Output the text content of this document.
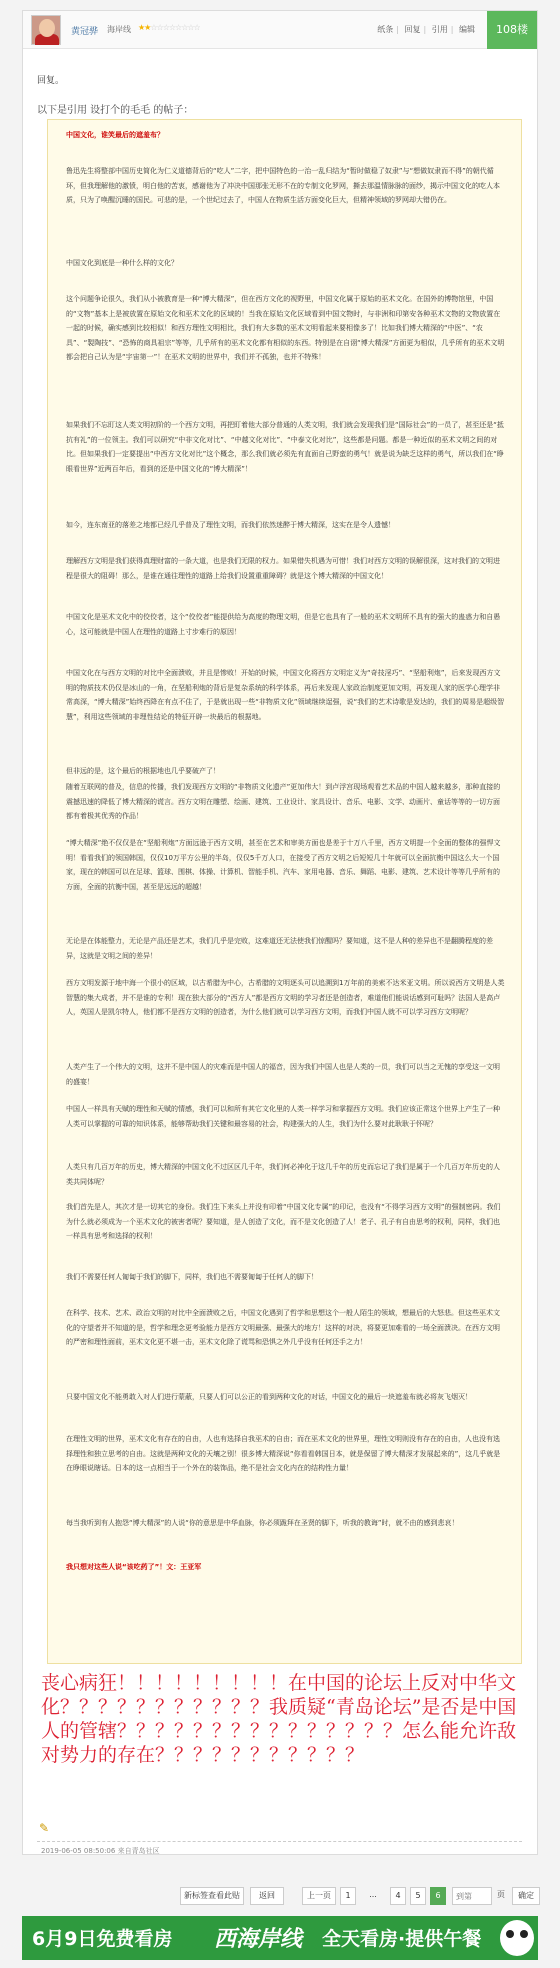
黄冠骅 海岸线 ★★☆☆☆☆☆☆☆☆	纸条 | 回复 | 引用 | 编辑	108楼
回复。
以下是引用 设打个的毛毛 的帖子：

中国文化，谁笑最后的遮羞布？

鲁迅先生将整部中国历史简化为仁义道德背后的“吃人”二字，把中国特色的一治一乱归结为“暂时做稳了奴隶”与“想做奴隶而不得”的朝代循环，但我理解他的激愤，明白他的苦衷，感谢他为了冲决中国那张无形不在的专制文化罗网，撕去那温情脉脉的面纱，揭示中国文化的吃人本质，只为了唤醒沉睡的国民。可悲的是，一个世纪过去了，中国人在物质生活方面变化巨大，但精神领域的罗网却大错仍在。

中国文化到底是一种什么样的文化？

这个问题争论很久，我们从小被教育是一种“博大精深”，但在西方文化的视野里，中国文化属于原始的巫术文化。在国外的博物馆里，中国的“文物”基本上是被放置在原始文化和巫术文化的区域的！当我在原始文化区域看到中国文物时，与非洲和印第安各种巫术文物的文物放置在一起的时候，确实感到比较相似！和西方理性文明相比，我们有大多数的巫术文明看起来要相像多了！比如我们博大精深的“中医”、“农具”、“製陶技”、“恐怖的商具祖宗”等等，几乎所有的巫术文化都有相似的东西。特别是在自诩“博大精深”方面更为相似，几乎所有的巫术文明都会把自己认为是“宇宙第一”！在巫术文明的世界中，我们并不孤独，也并不特殊！

如果我们不忘盯这人类文明初阶的一个西方文明，再把盯着他大部分普通的人类文明，我们就会发现我们是“国际社会”的一员了，甚至还是“抵抗有礼”的一位领主。我们可以研究“中非文化对比”、“中越文化对比”、“中泰文化对比”，这些都是问题。都是一种近似的巫术文明之间的对比。但如果我们一定要提出“中西方文化对比”这个概念，那么我们就必须先有直面自己野蛮的勇气！就是说为缺乏这样的勇气，所以我们在“睁眼看世界”近两百年后，看到的还是中国文化的“博大精深”！

如今，连东南亚的落差之地都已经几乎普及了理性文明，而我们依然迷醉于博大精深，这实在是令人遗憾！

理解西方文明是我们获得真理财富的一条大道，也是我们无限的权力。如果错失机遇为可惜！我们对西方文明的误解很深，这对我们的文明进程是很大的阻碍！那么，是谁在通往理性的道路上给我们设置重重障碍？就是这个博大精深的中国文化！

中国文化是巫术文化中的佼佼者，这个“佼佼者”能提供给为高度的物理文明，但是它也具有了一般的巫术文明所不具有的强大的蛊惑力和自愚心，这可能就是中国人在理性的道路上寸步难行的原因！

中国文化在与西方文明的对比中全面溃败，并且是惨败！开始的时候，中国文化将西方文明定义为“奇技淫巧”、“坚船利炮”，后来发现西方文明的物质技术仍仅是冰山的一角，在坚船利炮的背后是复杂系统的科学体系，再后来发现人家政治制度更加文明，再发现人家的医学心理学非常高深，“博大精深”始终西降在有点不住了，于是就出现一些“非物质文化”领域继续逞强，说“我们的艺术诗歌是发达的，我们的周易是超级智慧”，利用这些领域的非理性结论的特征开辟一块最后的根据地。

但非远的是，这个最后的根据地也几乎要破产了！

随着互联网的普及，信息的传播，我们发现西方文明的“非物质文化遗产”更加伟大！到卢浮宫现场观看艺术品的中国人越来越多，那种直接的震撼迅速的降低了博大精深的谎言。西方文明在雕塑、绘画、建筑、工业设计、家具设计、音乐、电影、文学、动画片、童话等等的一切方面都有着极其优秀的作品！

“博大精深”绝不仅仅是在“坚船利炮”方面远逊于西方文明，甚至在艺术和审美方面也是差于十万八千里，西方文明提一个全面的整体的强悍文明！看看我们的领国韩国，仅仅10万平方公里的半岛，仅仅5千万人口，在接受了西方文明之后短短几十年就可以全面抗衡中国这么大一个国家，现在的韩国可以在足球、篮球、围棋、体操、计算机、智能手机、汽车、家用电器、音乐、舞蹈、电影、建筑、艺术设计等等几乎所有的方面，全面的抗衡中国，甚至是远远的超越！

无论是在体能整力，无论是产品还是艺术，我们几乎是完败，这难道还无法使我们惊醒吗？要知道，这不是人种的差异也不是翻腾程度的差异，这就是文明之间的差异！

西方文明发源于地中海一个很小的区域，以古希腊为中心，古希腊的文明逐头可以追溯到1万年前的美索不达米亚文明。所以说西方文明是人类智慧的集大成者，并不是谁的专利！现在独大部分的“西方人”都是西方文明的学习者还是创造者，难道他们能说话感到可耻吗？法国人是高卢人，英国人是凯尔特人，他们都不是西方文明的创造者，为什么他们就可以学习西方文明，而我们中国人就不可以学习西方文明呢？

人类产生了一个伟大的文明，这并不是中国人的灾难而是中国人的福音，因为我们中国人也是人类的一员，我们可以当之无愧的享受这一文明的盛宴！

中国人一样具有天赋的理性和天赋的情感，我们可以和所有其它文化里的人类一样学习和掌握西方文明。我们应该正常这个世界上产生了一种人类可以掌握的可靠的知识体系，能够帮助我们关键和最容易的社会，构建强大的人生，我们为什么要对此耿耿于怀呢？

人类只有几百万年的历史，博大精深的中国文化不过区区几千年，我们何必神化于这几千年的历史而忘记了我们是属于一个几百万年历史的人类共同体呢？

我们首先是人，其次才是一切其它的身份。我们生下来头上并没有印着“中国文化专属”的印记，也没有“不得学习西方文明”的强制密码。我们为什么就必须成为一个巫术文化的被害者呢？要知道，是人创造了文化，而不是文化创造了人！老子、孔子有自由思考的权利，同样，我们也一样具有思考和选择的权利！

我们不需要任何人匍匐于我们的脚下，同样，我们也不需要匍匐于任何人的脚下！

在科学、技术、艺术、政治文明的对比中全面溃败之后，中国文化遇到了哲学和思想这个一般人陌生的领域，想最后的大怒悲。但这些巫术文化的守望者并不知道的是，哲学和理念更考验能力是西方文明最强、最强大的地方！这样的对决，将要更加难看的一场全面溃决。在西方文明的严密和理性面前，巫术文化更不堪一击，巫术文化除了谎骂和恐惧之外几乎没有任何还手之力！

只要中国文化不能勇敢入对人们进行蒙蔽，只要人们可以公正的看到两种文化的对话，中国文化的最后一块遮羞布就必将灰飞烟灭！

在理性文明的世界，巫术文化有存在的自由，人也有选择自我巫术的自由；而在巫术文化的世界里，理性文明则没有存在的自由，人也没有选择理性和独立思考的自由。这就是两种文化的天壤之别！很多博大精深说“你看看韩国日本，就是保留了博大精深才发展起来的”，这几乎就是在睁眼说瞎话。日本的这一点相当于一个外在的装饰品，绝不是社会文化内在的结构性力量！

每当我听到有人抱怨“博大精深”的人说“你的意思是中华血脉，你必须跪拜在圣贤的脚下，听我的教诲”时，就不由的感到悲哀！

我只想对这些人说“该吃药了”！文：王亚军

丧心病狂！！！！！！！！！在中国的论坛上反对中华文化？？？？？？？？？？？我质疑“青岛论坛”是否是中国人的管辖？？？？？？？？？？？？？？？怎么能允许敌对势力的存在？？？？？？？？？？？
✎
2019-06-05 08:50:06 来自青岛社区
新标签查看此贴	返回	上一页	1	...	4	5	6
到第	页	确定
6月9日免费看房 西海岸线 全天看房·提供午餐
